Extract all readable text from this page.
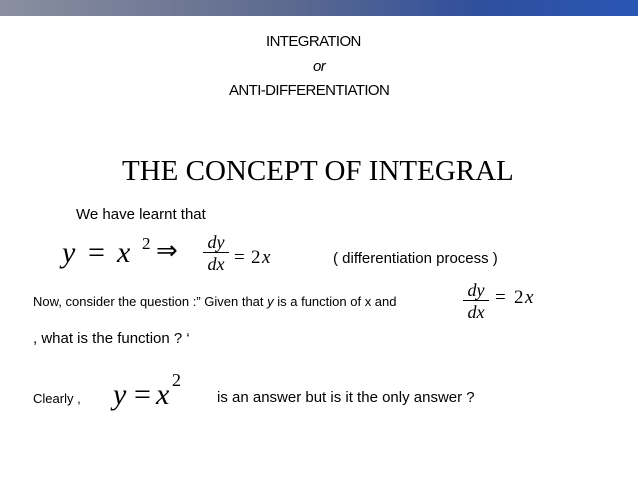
INTEGRATION
or
ANTI-DIFFERENTIATION
THE CONCEPT OF INTEGRAL
We have learnt that
y = x 2 ⇒ dy
dx = 2 x	( differentiation process )
Now, consider the question :” Given that y is a function of x and
dy
dx
= 2 x
, what is the function ? ‘
Clearly , y = x 2
is an answer but is it the only answer ?
